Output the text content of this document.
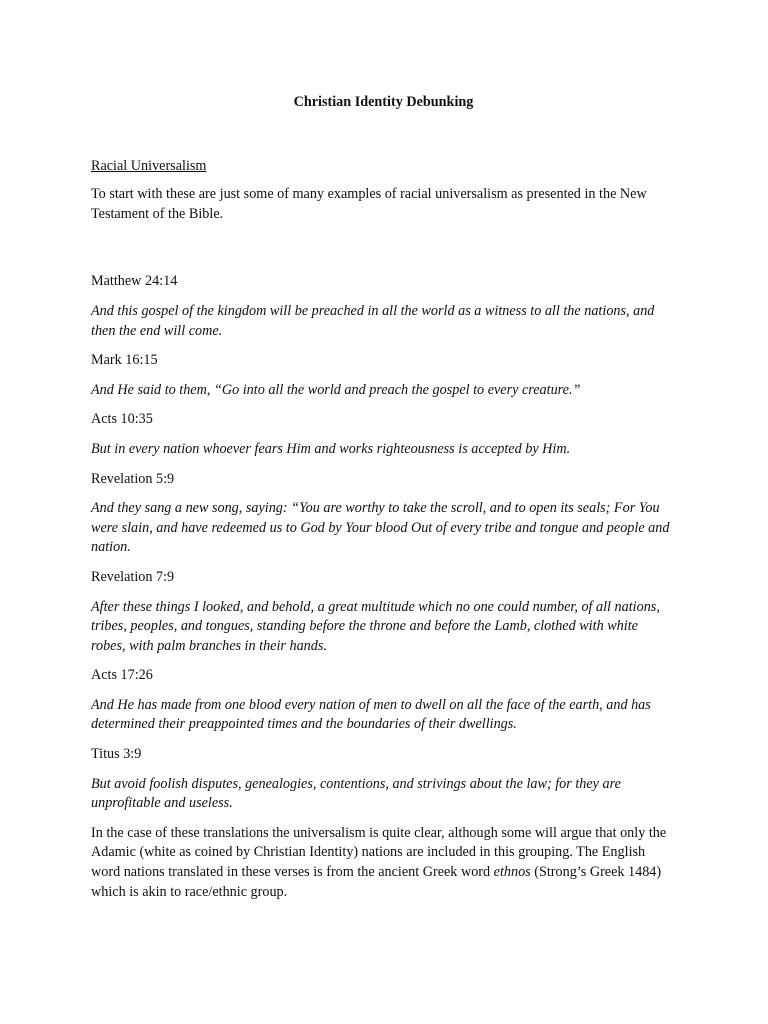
Christian Identity Debunking

Racial Universalism

To start with these are just some of many examples of racial universalism as presented in the New Testament of the Bible.

Matthew 24:14

And this gospel of the kingdom will be preached in all the world as a witness to all the nations, and then the end will come.

Mark 16:15

And He said to them, “Go into all the world and preach the gospel to every creature.”

Acts 10:35

But in every nation whoever fears Him and works righteousness is accepted by Him.

Revelation 5:9

And they sang a new song, saying: “You are worthy to take the scroll, and to open its seals; For You were slain, and have redeemed us to God by Your blood Out of every tribe and tongue and people and nation.

Revelation 7:9

After these things I looked, and behold, a great multitude which no one could number, of all nations, tribes, peoples, and tongues, standing before the throne and before the Lamb, clothed with white robes, with palm branches in their hands.

Acts 17:26

And He has made from one blood every nation of men to dwell on all the face of the earth, and has determined their preappointed times and the boundaries of their dwellings.

Titus 3:9

But avoid foolish disputes, genealogies, contentions, and strivings about the law; for they are unprofitable and useless.

In the case of these translations the universalism is quite clear, although some will argue that only the Adamic (white as coined by Christian Identity) nations are included in this grouping. The English word nations translated in these verses is from the ancient Greek word ethnos (Strong’s Greek 1484) which is akin to race/ethnic group.
